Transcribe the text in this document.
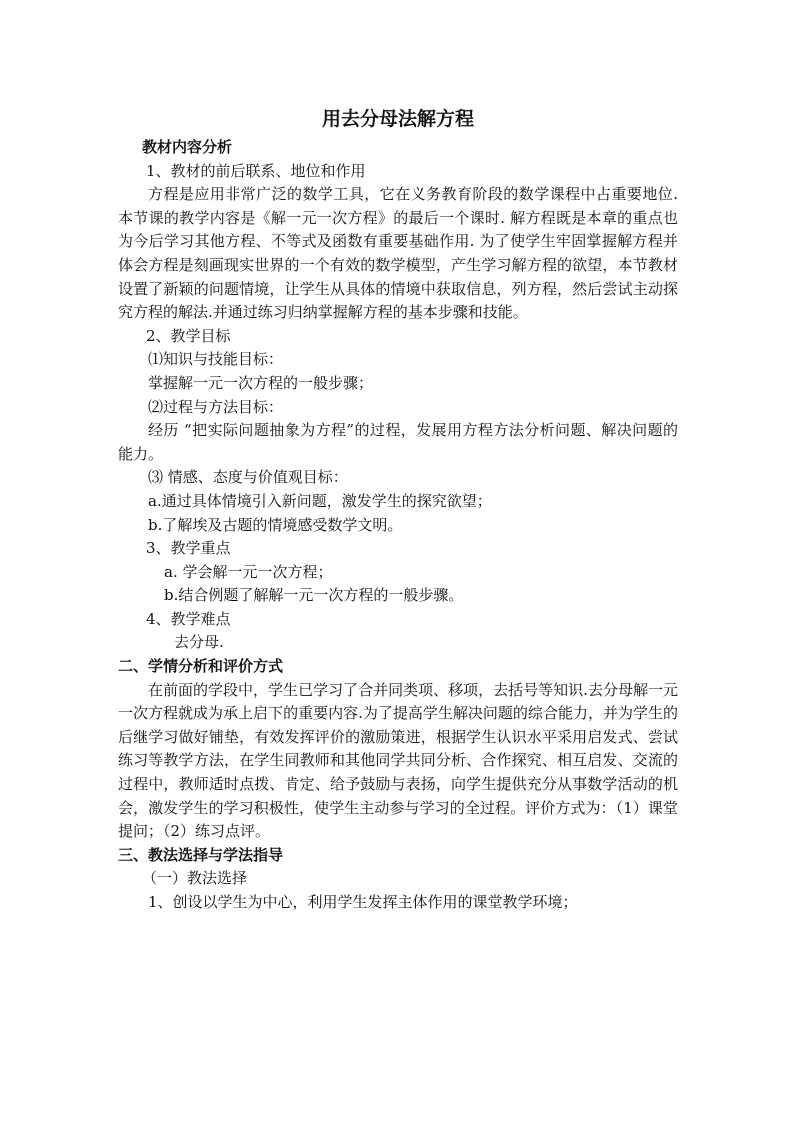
用去分母法解方程

教材内容分析

1、教材的前后联系、地位和作用

方程是应用非常广泛的数学工具，它在义务教育阶段的数学课程中占重要地位. 本节课的教学内容是《解一元一次方程》的最后一个课时. 解方程既是本章的重点也为今后学习其他方程、不等式及函数有重要基础作用. 为了使学生牢固掌握解方程并体会方程是刻画现实世界的一个有效的数学模型，产生学习解方程的欲望，本节教材设置了新颖的问题情境，让学生从具体的情境中获取信息，列方程，然后尝试主动探究方程的解法.并通过练习归纳掌握解方程的基本步骤和技能。

2、教学目标

⑴知识与技能目标：

掌握解一元一次方程的一般步骤；

⑵过程与方法目标：

经历 “把实际问题抽象为方程”的过程，发展用方程方法分析问题、解决问题的能力。

⑶ 情感、态度与价值观目标：

a.通过具体情境引入新问题，激发学生的探究欲望；

b.了解埃及古题的情境感受数学文明。

3、教学重点

a. 学会解一元一次方程；

b.结合例题了解解一元一次方程的一般步骤。

4、教学难点

去分母.

二、学情分析和评价方式

在前面的学段中，学生已学习了合并同类项、移项，去括号等知识.去分母解一元一次方程就成为承上启下的重要内容.为了提高学生解决问题的综合能力，并为学生的后继学习做好铺垫，有效发挥评价的激励策进，根据学生认识水平采用启发式、尝试练习等教学方法，在学生同教师和其他同学共同分析、合作探究、相互启发、交流的过程中，教师适时点拨、肯定、给予鼓励与表扬，向学生提供充分从事数学活动的机会，激发学生的学习积极性，使学生主动参与学习的全过程。评价方式为：（1）课堂提问；（2）练习点评。

三、教法选择与学法指导

（一）教法选择

1、创设以学生为中心，利用学生发挥主体作用的课堂教学环境；
